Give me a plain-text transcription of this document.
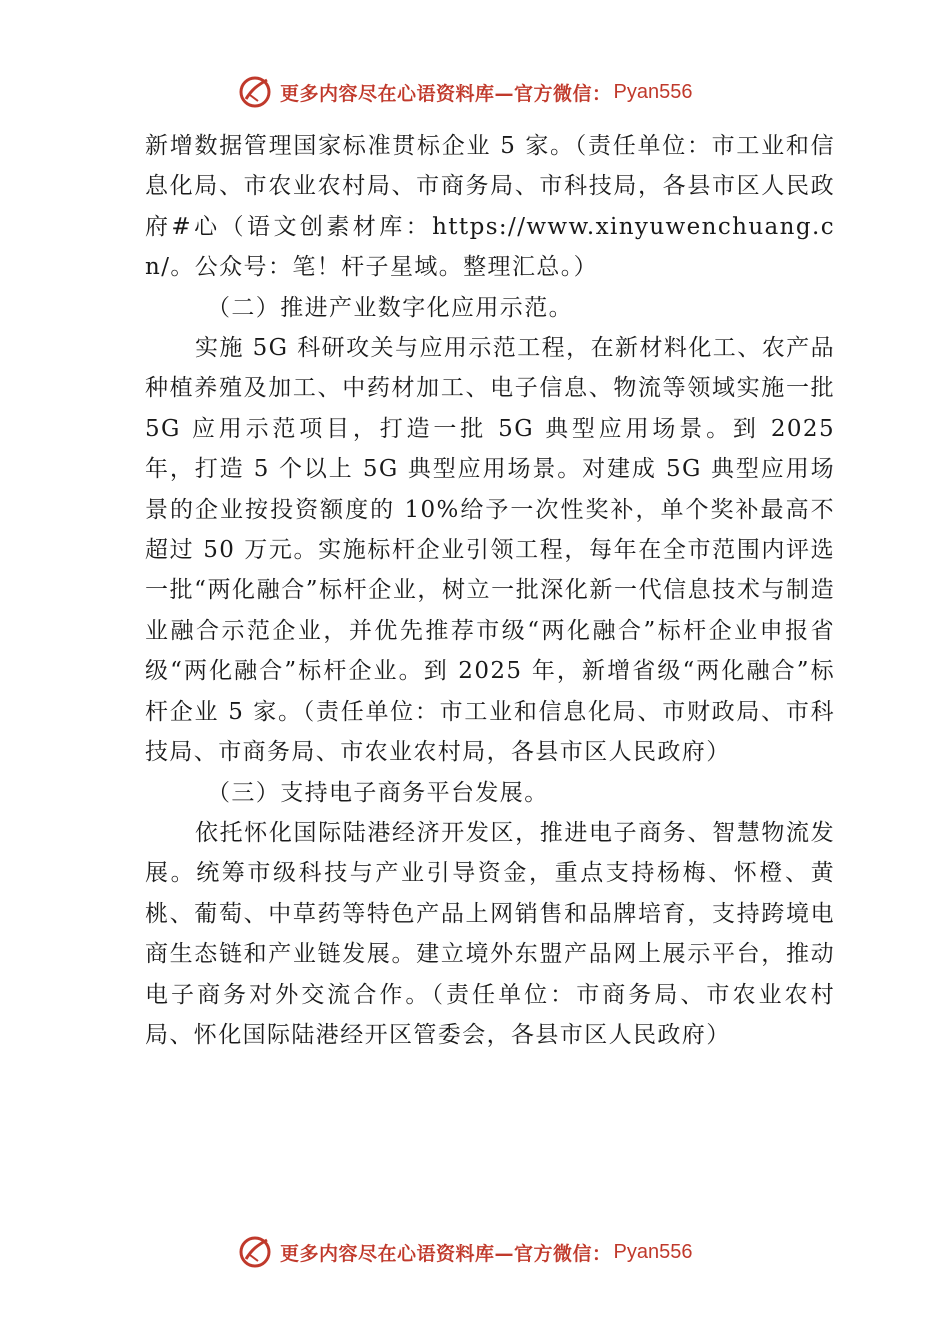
更多内容尽在心语资料库—官方微信： Pyan556

新增数据管理国家标准贯标企业 5 家。（责任单位：市工业和信息化局、市农业农村局、市商务局、市科技局，各县市区人民政府#心（语文创素材库：https://www.xinyuwenchuang.cn/。公众号：笔！杆子星域。整理汇总。）

（二）推进产业数字化应用示范。

实施 5G 科研攻关与应用示范工程，在新材料化工、农产品种植养殖及加工、中药材加工、电子信息、物流等领域实施一批 5G 应用示范项目，打造一批 5G 典型应用场景。到 2025 年，打造 5 个以上 5G 典型应用场景。对建成 5G 典型应用场景的企业按投资额度的 10%给予一次性奖补，单个奖补最高不超过 50 万元。实施标杆企业引领工程，每年在全市范围内评选一批“两化融合”标杆企业，树立一批深化新一代信息技术与制造业融合示范企业，并优先推荐市级“两化融合”标杆企业申报省级“两化融合”标杆企业。到 2025 年，新增省级“两化融合”标杆企业 5 家。（责任单位：市工业和信息化局、市财政局、市科技局、市商务局、市农业农村局，各县市区人民政府）

（三）支持电子商务平台发展。

依托怀化国际陆港经济开发区，推进电子商务、智慧物流发展。统筹市级科技与产业引导资金，重点支持杨梅、怀橙、黄桃、葡萄、中草药等特色产品上网销售和品牌培育，支持跨境电商生态链和产业链发展。建立境外东盟产品网上展示平台，推动电子商务对外交流合作。（责任单位：市商务局、市农业农村局、怀化国际陆港经开区管委会，各县市区人民政府）

更多内容尽在心语资料库—官方微信： Pyan556
